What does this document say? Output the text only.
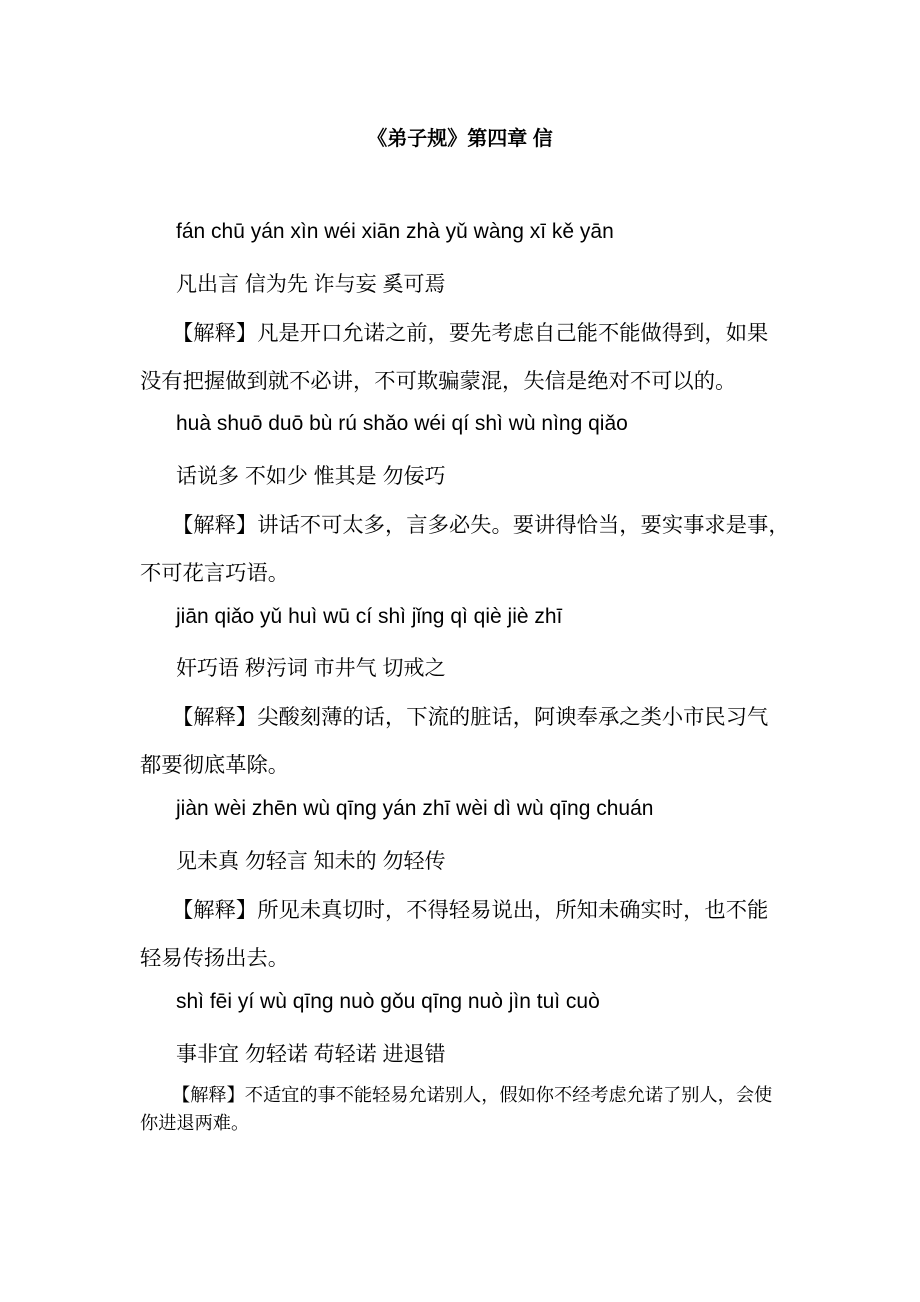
《弟子规》第四章 信
fán chū yán xìn wéi xiān zhà yǔ wàng xī kě yān
凡出言 信为先 诈与妄 奚可焉
【解释】凡是开口允诺之前，要先考虑自己能不能做得到，如果
没有把握做到就不必讲，不可欺骗蒙混，失信是绝对不可以的。
huà shuō duō bù rú shǎo wéi qí shì wù nìng qiǎo
话说多 不如少 惟其是 勿佞巧
【解释】讲话不可太多，言多必失。要讲得恰当，要实事求是事，
不可花言巧语。
jiān qiǎo yǔ huì wū cí shì jǐng qì qiè jiè zhī
奸巧语 秽污词 市井气 切戒之
【解释】尖酸刻薄的话，下流的脏话，阿谀奉承之类小市民习气
都要彻底革除。
jiàn wèi zhēn wù qīng yán zhī wèi dì wù qīng chuán
见未真 勿轻言 知未的 勿轻传
【解释】所见未真切时，不得轻易说出，所知未确实时，也不能
轻易传扬出去。
shì fēi yí wù qīng nuò gǒu qīng nuò jìn tuì cuò
事非宜 勿轻诺 苟轻诺 进退错
【解释】不适宜的事不能轻易允诺别人，假如你不经考虑允诺了别人，会使
你进退两难。
